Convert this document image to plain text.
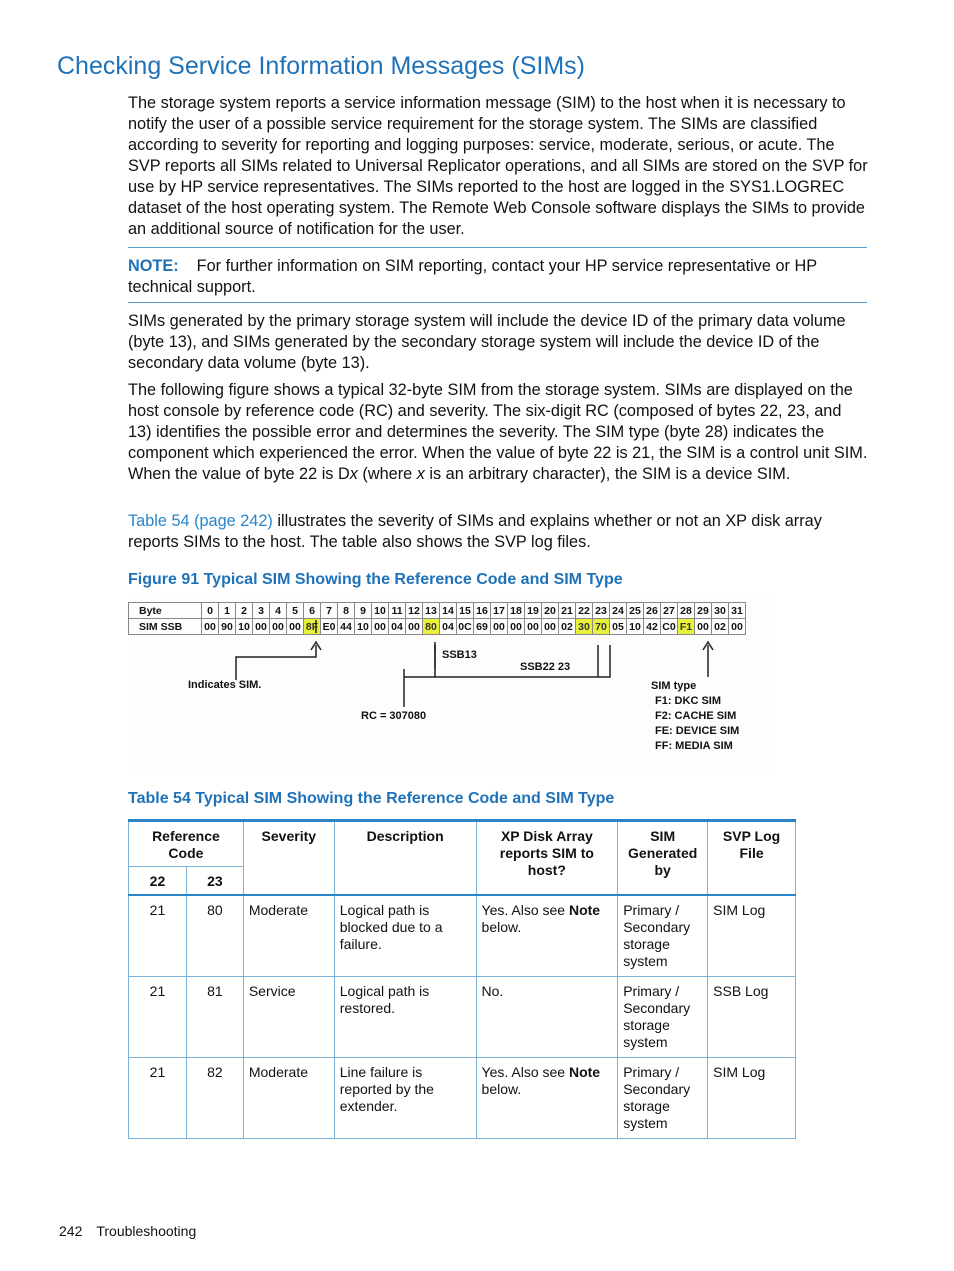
Checking Service Information Messages (SIMs)

The storage system reports a service information message (SIM) to the host when it is necessary to notify the user of a possible service requirement for the storage system. The SIMs are classified according to severity for reporting and logging purposes: service, moderate, serious, or acute. The SVP reports all SIMs related to Universal Replicator operations, and all SIMs are stored on the SVP for use by HP service representatives. The SIMs reported to the host are logged in the SYS1.LOGREC dataset of the host operating system. The Remote Web Console software displays the SIMs to provide an additional source of notification for the user.

NOTE: For further information on SIM reporting, contact your HP service representative or HP technical support.

SIMs generated by the primary storage system will include the device ID of the primary data volume (byte 13), and SIMs generated by the secondary storage system will include the device ID of the secondary data volume (byte 13).

The following figure shows a typical 32-byte SIM from the storage system. SIMs are displayed on the host console by reference code (RC) and severity. The six-digit RC (composed of bytes 22, 23, and 13) identifies the possible error and determines the severity. The SIM type (byte 28) indicates the component which experienced the error. When the value of byte 22 is 21, the SIM is a control unit SIM. When the value of byte 22 is Dx (where x is an arbitrary character), the SIM is a device SIM.

Table 54 (page 242) illustrates the severity of SIMs and explains whether or not an XP disk array reports SIMs to the host. The table also shows the SVP log files.

Figure 91 Typical SIM Showing the Reference Code and SIM Type

Byte	0	1	2	3	4	5	6	7	8	9	10	11	12	13	14	15	16	17	18	19	20	21	22	23	24	25	26	27	28	29	30	31
SIM SSB	00	90	10	00	00	00	8F	E0	44	10	00	04	00	80	04	0C	69	00	00	00	00	02	30	70	05	10	42	C0	F1	00	02	00
Indicates SIM.
SSB13
SSB22 23
RC = 307080
SIM type
F1: DKC SIM
F2: CACHE SIM
FE: DEVICE SIM
FF: MEDIA SIM

Table 54 Typical SIM Showing the Reference Code and SIM Type

Reference Code		Severity	Description	XP Disk Array reports SIM to host?	SIM Generated by	SVP Log File
22	23					
21	80	Moderate	Logical path is blocked due to a failure.	Yes. Also see Note below.	Primary / Secondary storage system	SIM Log
21	81	Service	Logical path is restored.	No.	Primary / Secondary storage system	SSB Log
21	82	Moderate	Line failure is reported by the extender.	Yes. Also see Note below.	Primary / Secondary storage system	SIM Log
242 Troubleshooting
